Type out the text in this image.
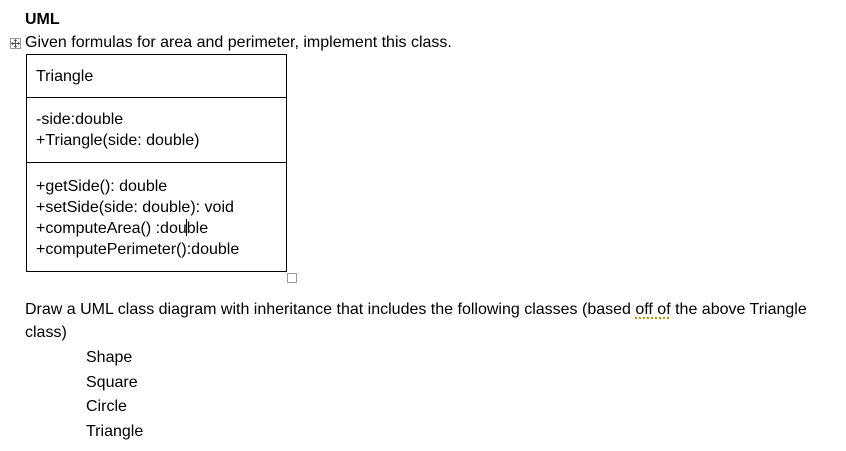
UML
Given formulas for area and perimeter, implement this class.
Triangle
-side:double
+Triangle(side: double)
+getSide(): double
+setSide(side: double): void
+computeArea() :double
+computePerimeter():double
Draw a UML class diagram with inheritance that includes the following classes (based off of the above Triangle class)
Shape
Square
Circle
Triangle
